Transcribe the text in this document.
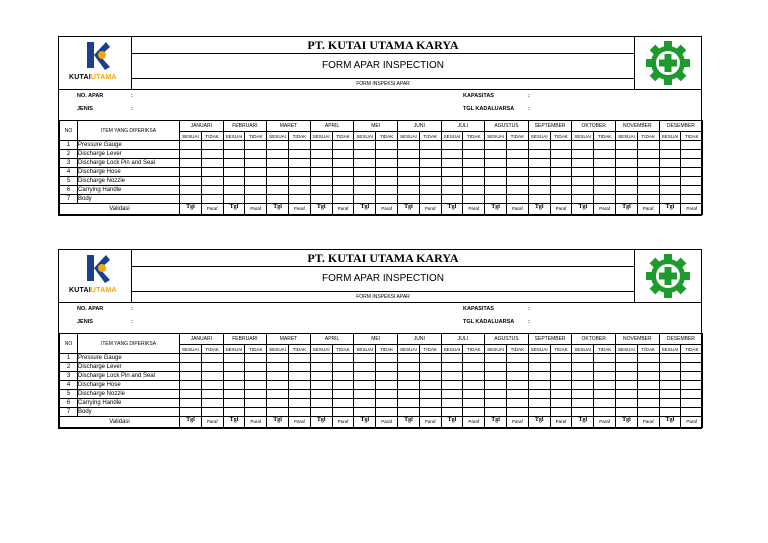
KUTAIUTAMA
PT. KUTAI UTAMA KARYA
FORM APAR INSPECTION
FORM INSPEKSI APAR
NO. APAR	:
JENIS	:
KAPASITAS	:
TGL KADALUARSA	:
NO	ITEM YANG DIPERIKSA	JANUARI		FEBRUARI		MARET		APRIL		MEI		JUNI		JULI		AGUSTUS		SEPTEMBER		OKTOBER		NOVEMBER		DESEMBER	
		SESUAI	TIDAK	SESUAI	TIDAK	SESUAI	TIDAK	SESUAI	TIDAK	SESUAI	TIDAK	SESUAI	TIDAK	SESUAI	TIDAK	SESUAI	TIDAK	SESUAI	TIDAK	SESUAI	TIDAK	SESUAI	TIDAK	SESUAI	TIDAK
1	Pressure Gauge																								
2	Discharge Lever																								
3	Discharge Lock Pin and Seal																								
4	Discharge Hose																								
5	Discharge Nozzle																								
6	Carrying Handle																								
7	Body																								
Validasi		Tgl	Paraf	Tgl	Paraf	Tgl	Paraf	Tgl	Paraf	Tgl	Paraf	Tgl	Paraf	Tgl	Paraf	Tgl	Paraf	Tgl	Paraf	Tgl	Paraf	Tgl	Paraf	Tgl	Paraf
KUTAIUTAMA
PT. KUTAI UTAMA KARYA
FORM APAR INSPECTION
FORM INSPEKSI APAR
NO. APAR	:
JENIS	:
KAPASITAS	:
TGL KADALUARSA	:
NO	ITEM YANG DIPERIKSA	JANUARI		FEBRUARI		MARET		APRIL		MEI		JUNI		JULI		AGUSTUS		SEPTEMBER		OKTOBER		NOVEMBER		DESEMBER	
		SESUAI	TIDAK	SESUAI	TIDAK	SESUAI	TIDAK	SESUAI	TIDAK	SESUAI	TIDAK	SESUAI	TIDAK	SESUAI	TIDAK	SESUAI	TIDAK	SESUAI	TIDAK	SESUAI	TIDAK	SESUAI	TIDAK	SESUAI	TIDAK
1	Pressure Gauge																								
2	Discharge Lever																								
3	Discharge Lock Pin and Seal																								
4	Discharge Hose																								
5	Discharge Nozzle																								
6	Carrying Handle																								
7	Body																								
Validasi		Tgl	Paraf	Tgl	Paraf	Tgl	Paraf	Tgl	Paraf	Tgl	Paraf	Tgl	Paraf	Tgl	Paraf	Tgl	Paraf	Tgl	Paraf	Tgl	Paraf	Tgl	Paraf	Tgl	Paraf
